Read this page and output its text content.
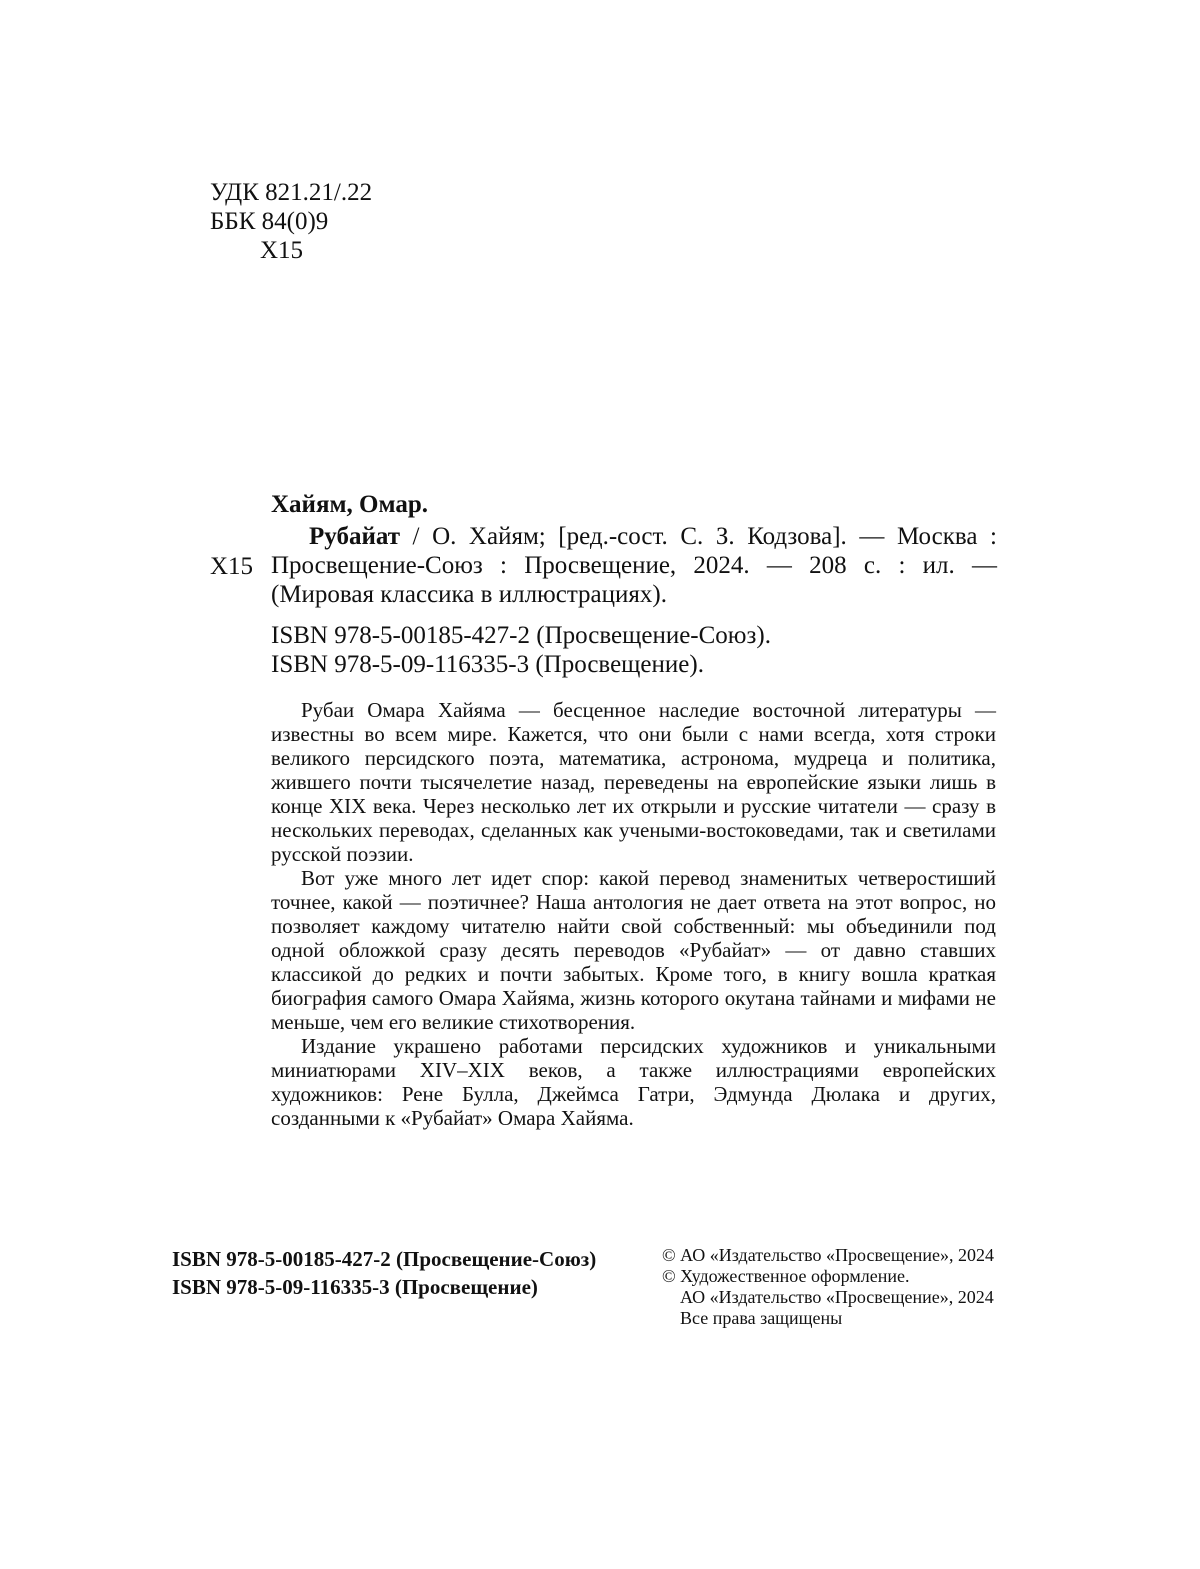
УДК 821.21/.22
ББК 84(0)9
Х15
Хайям, Омар.
Х15
Рубайат / О. Хайям; [ред.-сост. С. З. Кодзова]. — Москва : Просвещение-Союз : Просвещение, 2024. — 208 с. : ил. — (Мировая классика в иллюстрациях).
ISBN 978-5-00185-427-2 (Просвещение-Союз).
ISBN 978-5-09-116335-3 (Просвещение).

Рубаи Омара Хайяма — бесценное наследие восточной литературы — известны во всем мире. Кажется, что они были с нами всегда, хотя строки великого персидского поэта, математика, астронома, мудреца и политика, жившего почти тысячелетие назад, переведены на европейские языки лишь в конце XIX века. Через несколько лет их открыли и русские читатели — сразу в нескольких переводах, сделанных как учеными-востоковедами, так и светилами русской поэзии.

Вот уже много лет идет спор: какой перевод знаменитых четверостиший точнее, какой — поэтичнее? Наша антология не дает ответа на этот вопрос, но позволяет каждому читателю найти свой собственный: мы объединили под одной обложкой сразу десять переводов «Рубайат» — от давно ставших классикой до редких и почти забытых. Кроме того, в книгу вошла краткая биография самого Омара Хайяма, жизнь которого окутана тайнами и мифами не меньше, чем его великие стихотворения.

Издание украшено работами персидских художников и уникальными миниатюрами XIV–XIX веков, а также иллюстрациями европейских художников: Рене Булла, Джеймса Гатри, Эдмунда Дюлака и других, созданными к «Рубайат» Омара Хайяма.

ISBN 978-5-00185-427-2 (Просвещение-Союз)
ISBN 978-5-09-116335-3 (Просвещение)
© АО «Издательство «Просвещение», 2024
© Художественное оформление.
АО «Издательство «Просвещение», 2024
Все права защищены
